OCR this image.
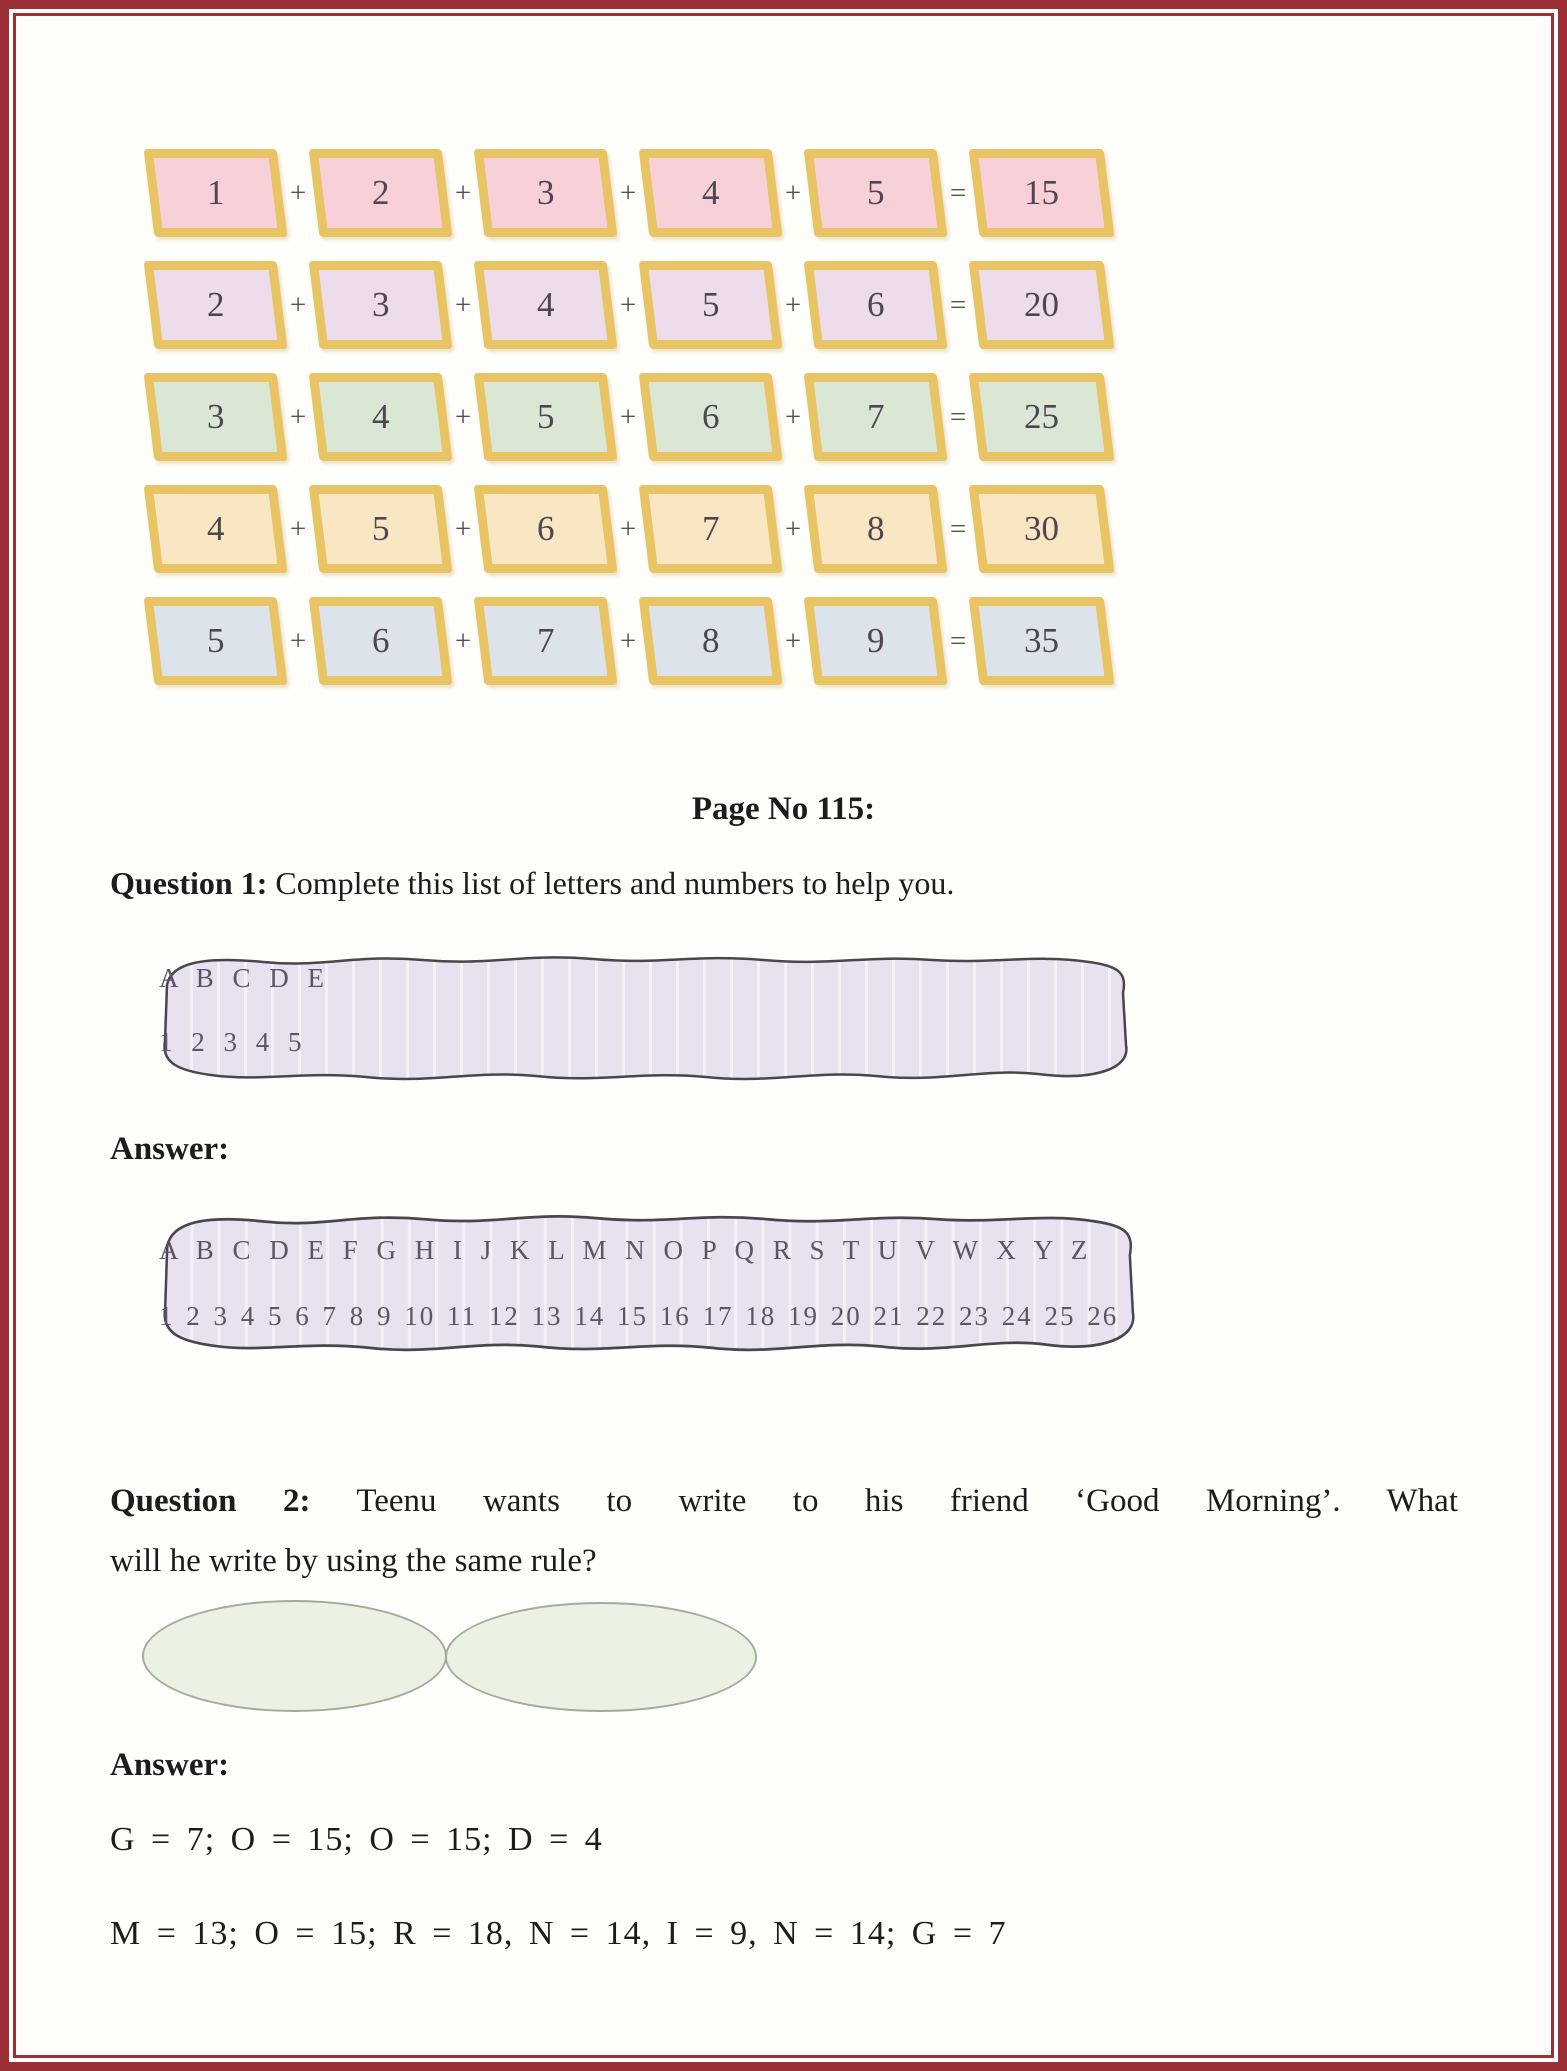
1 + 2 + 3 + 4 + 5 = 15
2 + 3 + 4 + 5 + 6 = 20
3 + 4 + 5 + 6 + 7 = 25
4 + 5 + 6 + 7 + 8 = 30
5 + 6 + 7 + 8 + 9 = 35
Page No 115:
Question 1: Complete this list of letters and numbers to help you.
A B C D E
1 2 3 4 5
Answer:
A B C D E F G H I J K L M N O P Q R S T U V W X Y Z
1 2 3 4 5 6 7 8 9 10 11 12 13 14 15 16 17 18 19 20 21 22 23 24 25 26
Question 2: Teenu wants to write to his friend ‘Good Morning’. What
will he write by using the same rule?
Answer:
G = 7; O = 15; O = 15; D = 4
M = 13; O = 15; R = 18, N = 14, I = 9, N = 14; G = 7
